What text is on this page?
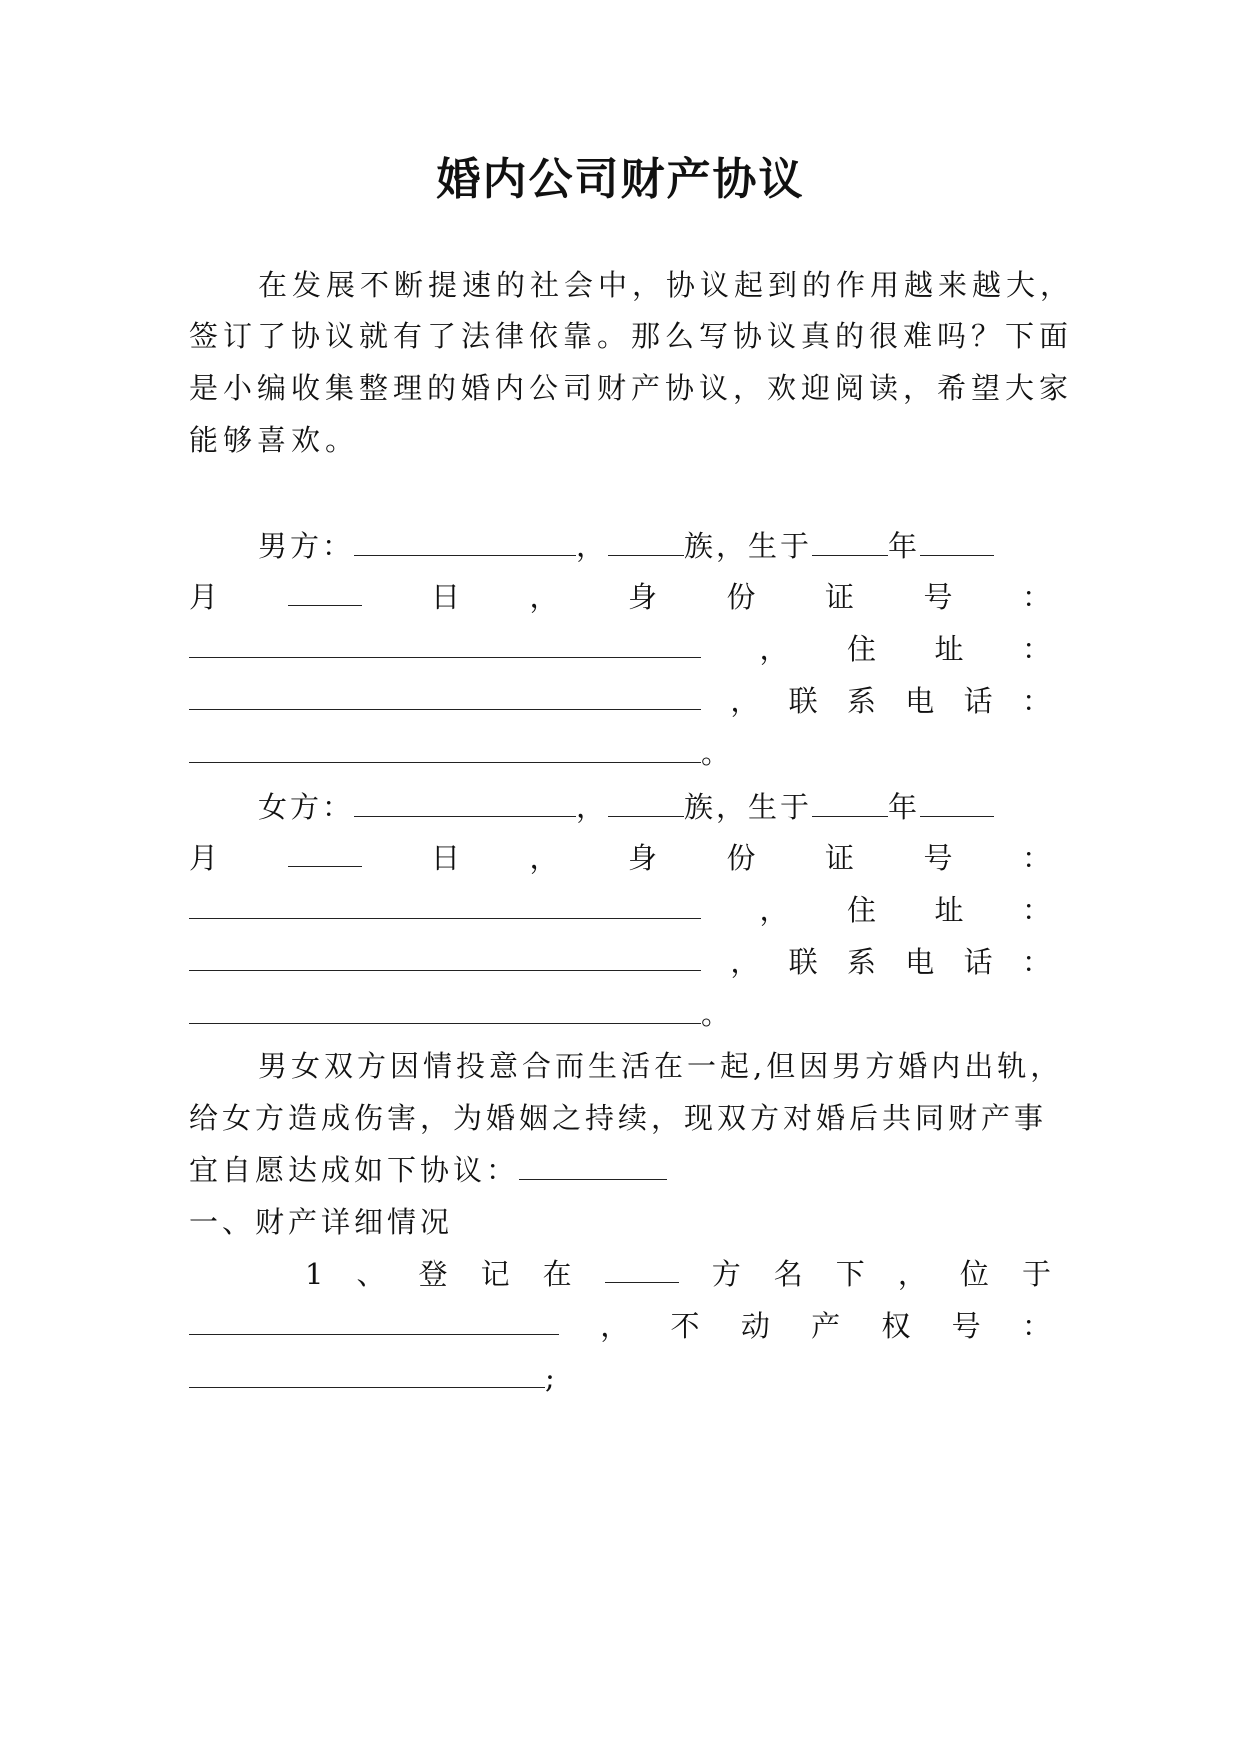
婚内公司财产协议
在发展不断提速的社会中，协议起到的作用越来越大，
签订了协议就有了法律依靠。那么写协议真的很难吗？下面
是小编收集整理的婚内公司财产协议，欢迎阅读，希望大家
能够喜欢。
男方：	，	族，生于	年
月	日 ， 身 份 证 号 ：
， 住 址 ：
， 联 系 电 话 ：
。
女方：	，	族，生于	年
月	日 ， 身 份 证 号 ：
， 住 址 ：
， 联 系 电 话 ：
。
男女双方因情投意合而生活在一起,但因男方婚内出轨，
给女方造成伤害，为婚姻之持续，现双方对婚后共同财产事
宜自愿达成如下协议：
一、财产详细情况
1 、 登 记 在	方 名 下 ， 位 于
， 不 动 产 权 号 ：
;
